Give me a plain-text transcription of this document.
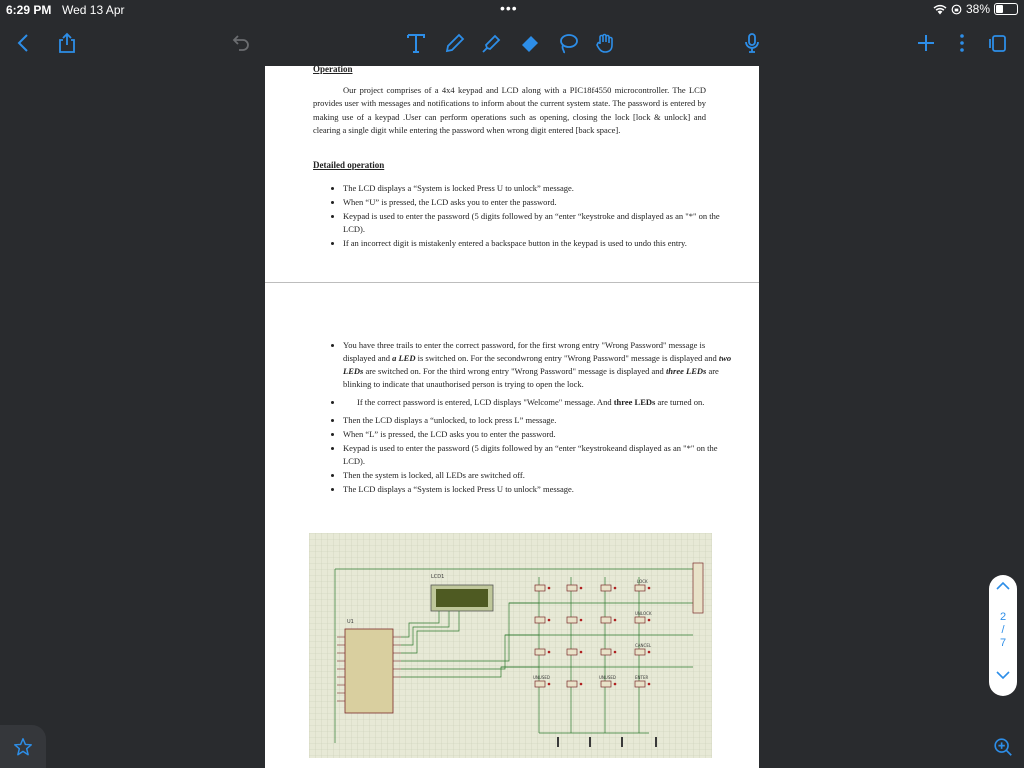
6:29 PM Wed 13 Apr	•••	38%
Operation

Our project comprises of a 4x4 keypad and LCD along with a PIC18f4550 microcontroller. The LCD provides user with messages and notifications to inform about the current system state. The password is entered by making use of a keypad .User can perform operations such as opening, closing the lock [lock & unlock] and clearing a single digit while entering the password when wrong digit entered [back space].

Detailed operation
• The LCD displays a “System is locked Press U to unlock” message.
• When “U” is pressed, the LCD asks you to enter the password.
• Keypad is used to enter the password (5 digits followed by an “enter “keystroke and displayed as an "*" on the LCD).
• If an incorrect digit is mistakenly entered a backspace button in the keypad is used to undo this entry.
• You have three trails to enter the correct password, for the first wrong entry "Wrong Password" message is displayed and a LED is switched on. For the secondwrong entry "Wrong Password" message is displayed and two LEDs are switched on. For the third wrong entry "Wrong Password" message is displayed and three LEDs are blinking to indicate that unauthorised person is trying to open the lock.
• If the correct password is entered, LCD displays "Welcome" message. And three LEDs are turned on.
• Then the LCD displays a “unlocked, to lock press L” message.
• When “L” is pressed, the LCD asks you to enter the password.
• Keypad is used to enter the password (5 digits followed by an “enter “keystrokeand displayed as an "*" on the LCD).
• Then the system is locked, all LEDs are switched off.
• The LCD displays a “System is locked Press U to unlock” message.
U1
LCD1
LOCK
UNLOCK
CANCEL
ENTER
UNUSED	UNUSED
2
/
7
